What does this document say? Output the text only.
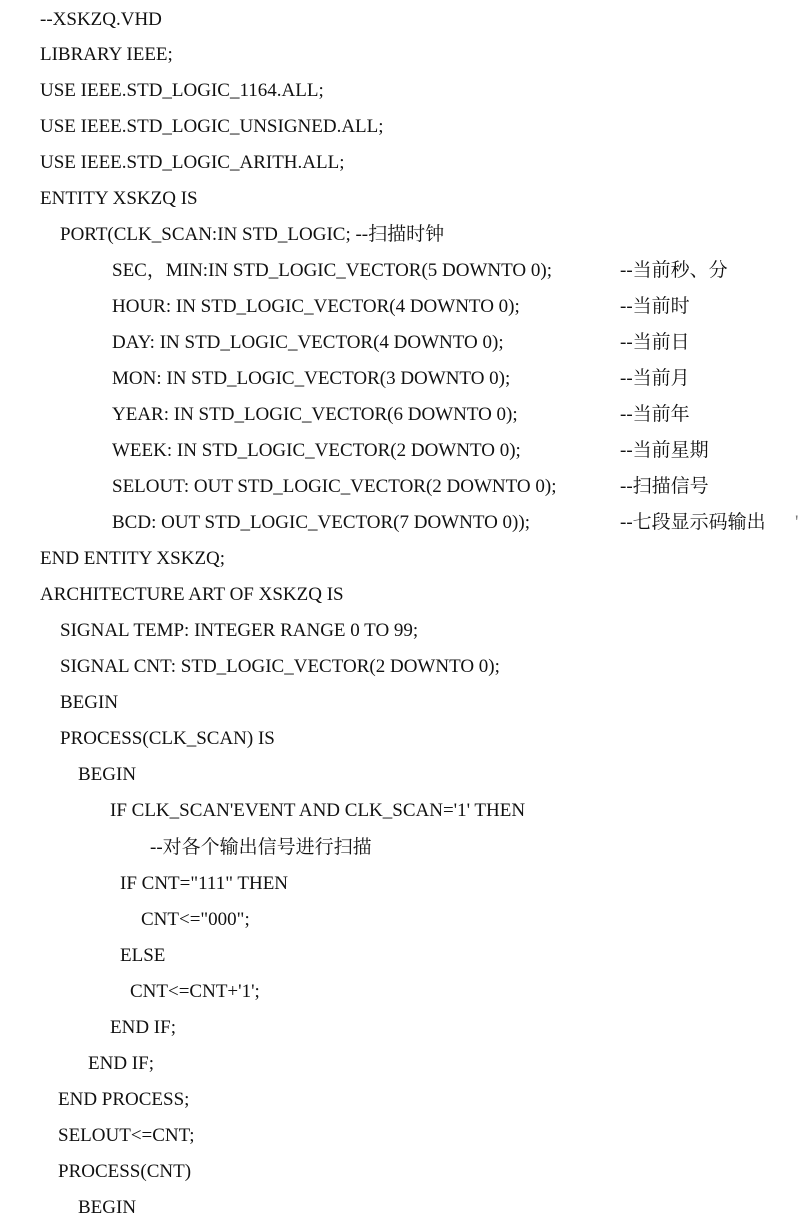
--XSKZQ.VHD
LIBRARY IEEE;
USE IEEE.STD_LOGIC_1164.ALL;
USE IEEE.STD_LOGIC_UNSIGNED.ALL;
USE IEEE.STD_LOGIC_ARITH.ALL;
ENTITY XSKZQ IS
PORT(CLK_SCAN:IN STD_LOGIC; --扫描时钟
SEC，MIN:IN STD_LOGIC_VECTOR(5 DOWNTO 0);	--当前秒、分
HOUR: IN STD_LOGIC_VECTOR(4 DOWNTO 0);	--当前时
DAY: IN STD_LOGIC_VECTOR(4 DOWNTO 0);	--当前日
MON: IN STD_LOGIC_VECTOR(3 DOWNTO 0);	--当前月
YEAR: IN STD_LOGIC_VECTOR(6 DOWNTO 0);	--当前年
WEEK: IN STD_LOGIC_VECTOR(2 DOWNTO 0);	--当前星期
SELOUT: OUT STD_LOGIC_VECTOR(2 DOWNTO 0);	--扫描信号
BCD: OUT STD_LOGIC_VECTOR(7 DOWNTO 0));	--七段显示码输出 '
END ENTITY XSKZQ;
ARCHITECTURE ART OF XSKZQ IS
SIGNAL TEMP: INTEGER RANGE 0 TO 99;
SIGNAL CNT: STD_LOGIC_VECTOR(2 DOWNTO 0);
BEGIN
PROCESS(CLK_SCAN) IS
BEGIN
IF CLK_SCAN'EVENT AND CLK_SCAN='1' THEN
--对各个输出信号进行扫描
IF CNT="111" THEN
CNT<="000";
ELSE
CNT<=CNT+'1';
END IF;
END IF;
END PROCESS;
SELOUT<=CNT;
PROCESS(CNT)
BEGIN
